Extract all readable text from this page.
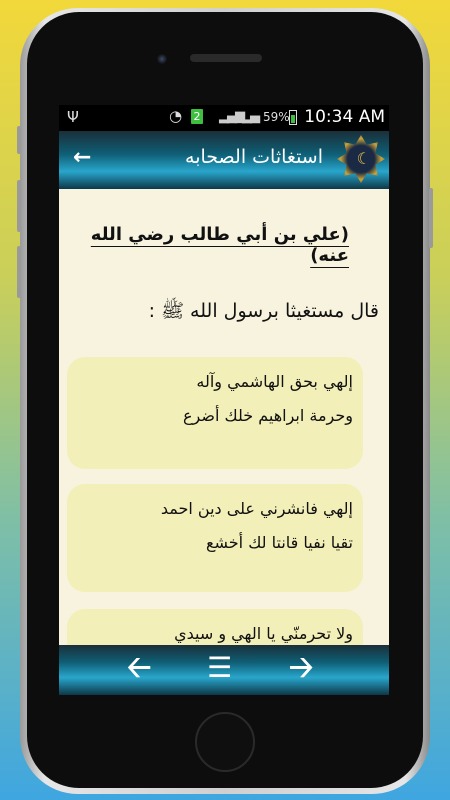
Ψ	◔ 2 ▂▄▆ ▂▄ 59% 10:34 AM
←	استغاثات الصحابه ☾
(علي بن أبي طالب رضي الله عنه)
قال مستغيثا برسول الله ﷺ :
إلهي بحق الهاشمي وآله
وحرمة ابراهيم خلك أضرع
إلهي فانشرني على دين احمد
تقيا نفيا قانتا لك أخشع
ولا تحرمنّي يا الهي و سيدي
🡠 ☰ 🡢
